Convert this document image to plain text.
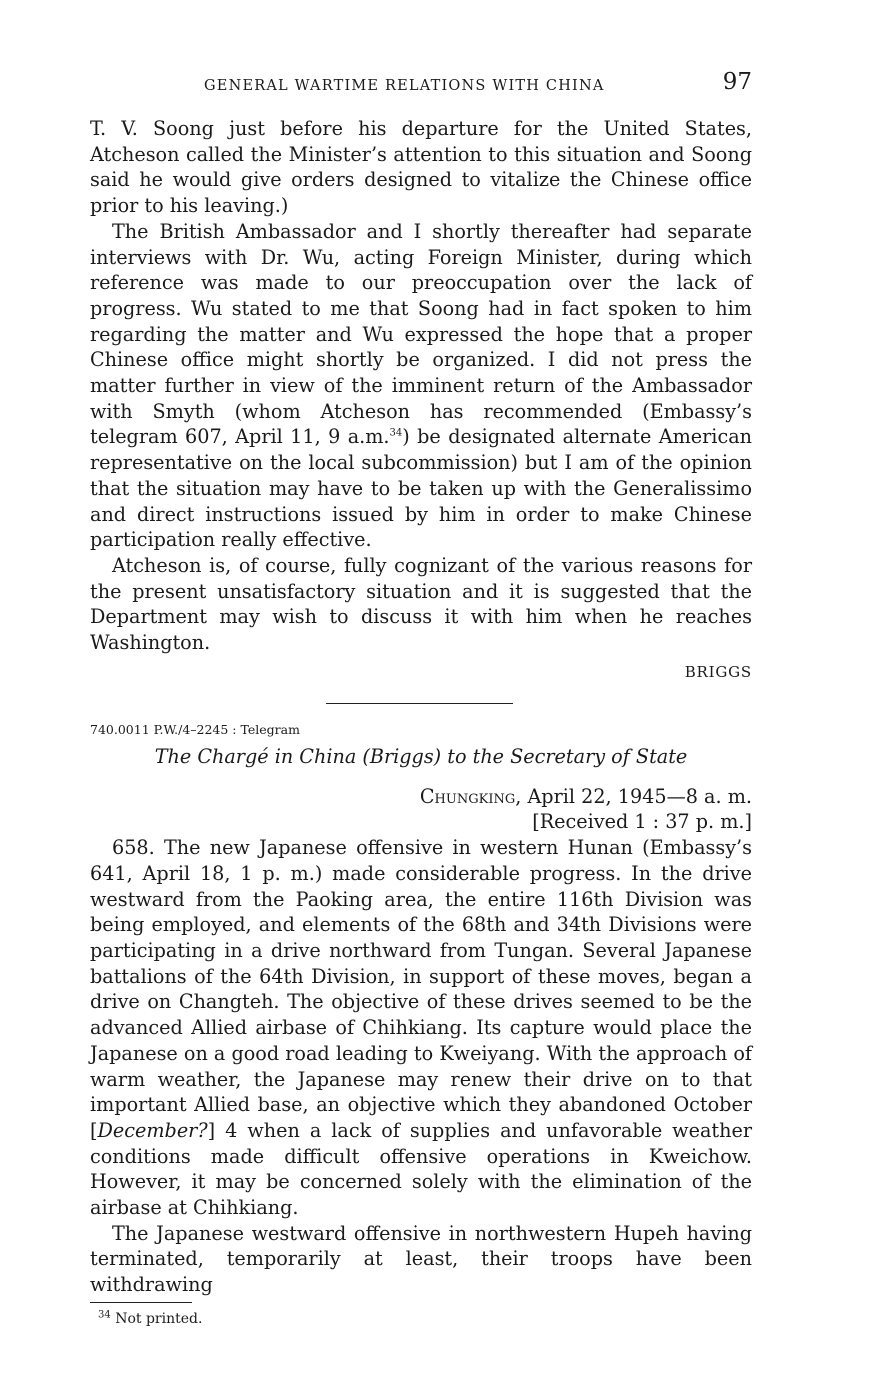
GENERAL WARTIME RELATIONS WITH CHINA	97

T. V. Soong just before his departure for the United States, Atcheson called the Minister’s attention to this situation and Soong said he would give orders designed to vitalize the Chinese office prior to his leaving.)

The British Ambassador and I shortly thereafter had separate interviews with Dr. Wu, acting Foreign Minister, during which reference was made to our preoccupation over the lack of progress. Wu stated to me that Soong had in fact spoken to him regarding the matter and Wu expressed the hope that a proper Chinese office might shortly be organized. I did not press the matter further in view of the imminent return of the Ambassador with Smyth (whom Atcheson has recommended (Embassy’s telegram 607, April 11, 9 a.m.$^{34}$) be designated alternate American representative on the local subcommission) but I am of the opinion that the situation may have to be taken up with the Generalissimo and direct instructions issued by him in order to make Chinese participation really effective.

Atcheson is, of course, fully cognizant of the various reasons for the present unsatisfactory situation and it is suggested that the Department may wish to discuss it with him when he reaches Washington.

BRIGGS
740.0011 P.W./4–2245 : Telegram
The Chargé in China (Briggs) to the Secretary of State
Chungking, April 22, 1945—8 a. m.
[Received 1 : 37 p. m.]

658. The new Japanese offensive in western Hunan (Embassy’s 641, April 18, 1 p. m.) made considerable progress. In the drive westward from the Paoking area, the entire 116th Division was being employed, and elements of the 68th and 34th Divisions were participating in a drive northward from Tungan. Several Japanese battalions of the 64th Division, in support of these moves, began a drive on Changteh. The objective of these drives seemed to be the advanced Allied airbase of Chihkiang. Its capture would place the Japanese on a good road leading to Kweiyang. With the approach of warm weather, the Japanese may renew their drive on to that important Allied base, an objective which they abandoned October [December?] 4 when a lack of supplies and unfavorable weather conditions made difficult offensive operations in Kweichow. However, it may be concerned solely with the elimination of the airbase at Chihkiang.

The Japanese westward offensive in northwestern Hupeh having terminated, temporarily at least, their troops have been withdrawing

$^{34}$ Not printed.
